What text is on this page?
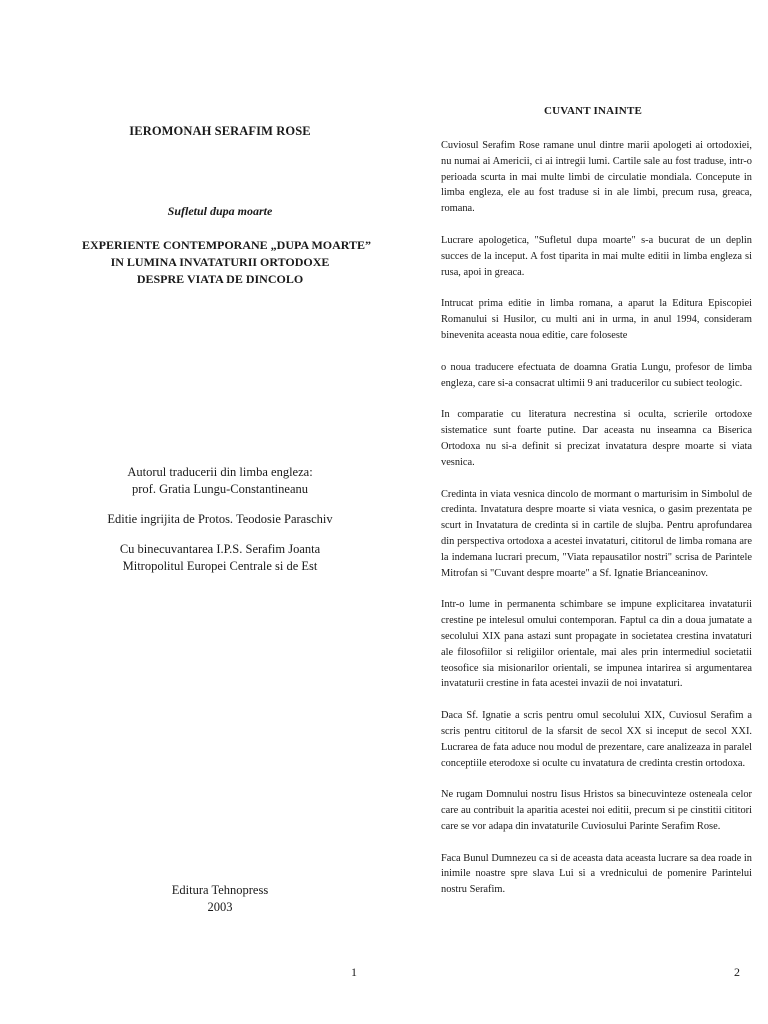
IEROMONAH SERAFIM ROSE
Sufletul dupa moarte
EXPERIENTE CONTEMPORANE „DUPA MOARTE”
IN LUMINA INVATATURII ORTODOXE
DESPRE VIATA DE DINCOLO

Autorul traducerii din limba engleza:
prof. Gratia Lungu-Constantineanu

Editie ingrijita de Protos. Teodosie Paraschiv

Cu binecuvantarea I.P.S. Serafim Joanta
Mitropolitul Europei Centrale si de Est

Editura Tehnopress
2003
1
CUVANT INAINTE

Cuviosul Serafim Rose ramane unul dintre marii apologeti ai ortodoxiei, nu numai ai Americii, ci ai intregii lumi. Cartile sale au fost traduse, intr-o perioada scurta in mai multe limbi de circulatie mondiala. Concepute in limba engleza, ele au fost traduse si in ale limbi, precum rusa, greaca, romana.

Lucrare apologetica, "Sufletul dupa moarte" s-a bucurat de un deplin succes de la inceput. A fost tiparita in mai multe editii in limba engleza si rusa, apoi in greaca.

Intrucat prima editie in limba romana, a aparut la Editura Episcopiei Romanului si Husilor, cu multi ani in urma, in anul 1994, consideram binevenita aceasta noua editie, care foloseste

o noua traducere efectuata de doamna Gratia Lungu, profesor de limba engleza, care si-a consacrat ultimii 9 ani traducerilor cu subiect teologic.

In comparatie cu literatura necrestina si oculta, scrierile ortodoxe sistematice sunt foarte putine. Dar aceasta nu inseamna ca Biserica Ortodoxa nu si-a definit si precizat invatatura despre moarte si viata vesnica.

Credinta in viata vesnica dincolo de mormant o marturisim in Simbolul de credinta. Invatatura despre moarte si viata vesnica, o gasim prezentata pe scurt in Invatatura de credinta si in cartile de slujba. Pentru aprofundarea din perspectiva ortodoxa a acestei invataturi, cititorul de limba romana are la indemana lucrari precum, "Viata repausatilor nostri" scrisa de Parintele Mitrofan si "Cuvant despre moarte" a Sf. Ignatie Brianceaninov.

Intr-o lume in permanenta schimbare se impune explicitarea invataturii crestine pe intelesul omului contemporan. Faptul ca din a doua jumatate a secolului XIX pana astazi sunt propagate in societatea crestina invataturi ale filosofiilor si religiilor orientale, mai ales prin intermediul societatii teosofice sia misionarilor orientali, se impunea intarirea si argumentarea invataturii crestine in fata acestei invazii de noi invataturi.

Daca Sf. Ignatie a scris pentru omul secolului XIX, Cuviosul Serafim a scris pentru cititorul de la sfarsit de secol XX si inceput de secol XXI. Lucrarea de fata aduce nou modul de prezentare, care analizeaza in paralel conceptiile eterodoxe si oculte cu invatatura de credinta crestin ortodoxa.

Ne rugam Domnului nostru Iisus Hristos sa binecuvinteze osteneala celor care au contribuit la aparitia acestei noi editii, precum si pe cinstitii cititori care se vor adapa din invataturile Cuviosului Parinte Serafim Rose.

Faca Bunul Dumnezeu ca si de aceasta data aceasta lucrare sa dea roade in inimile noastre spre slava Lui si a vrednicului de pomenire Parintelui nostru Serafim.

2
